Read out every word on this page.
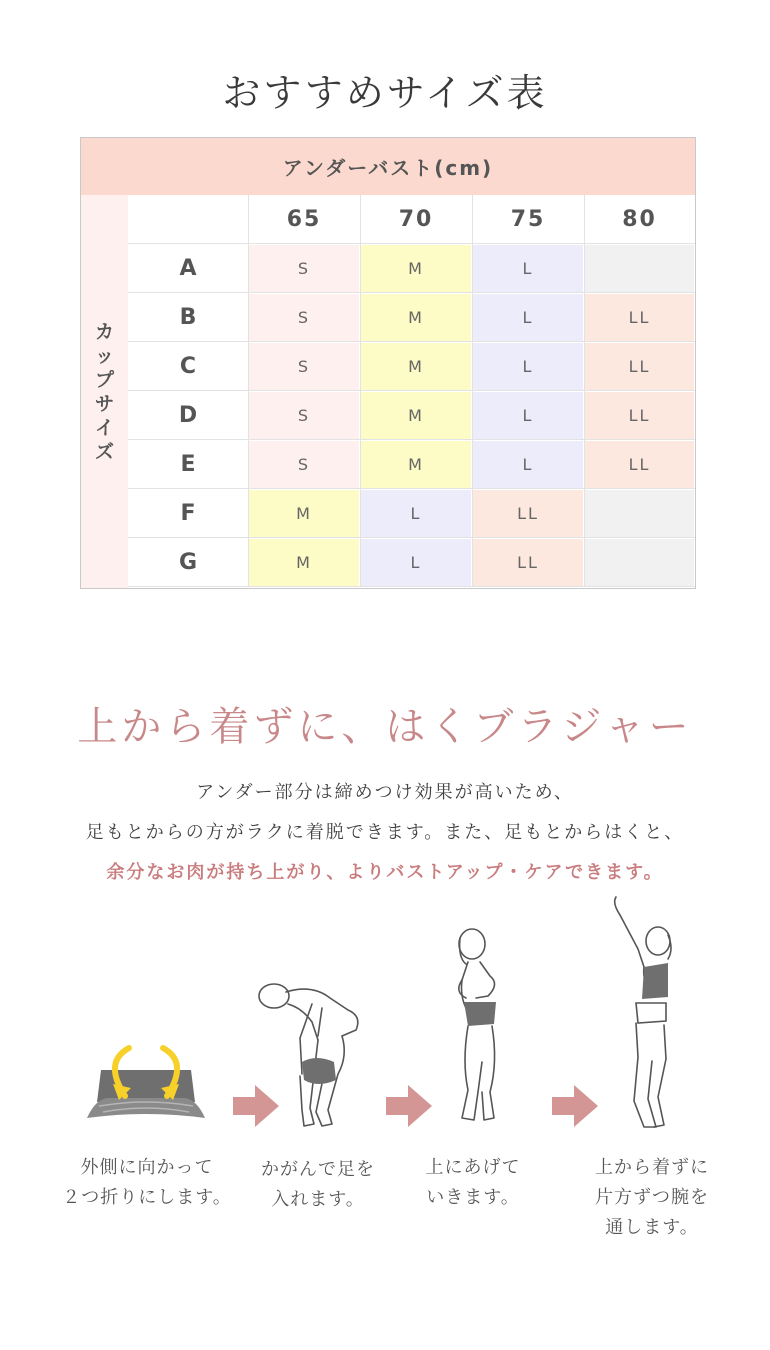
おすすめサイズ表
アンダーバスト(cm)
カ
ッ
プ
サ
イ
ズ
65	70	75	80
A	S	M	L
B	S	M	L	LL
C	S	M	L	LL
D	S	M	L	LL
E	S	M	L	LL
F	M	L	LL
G	M	L	LL
上から着ずに、はくブラジャー
アンダー部分は締めつけ効果が高いため、
足もとからの方がラクに着脱できます。また、足もとからはくと、
余分なお肉が持ち上がり、よりバストアップ・ケアできます。
外側に向かって
２つ折りにします。
かがんで足を
入れます。
上にあげて
いきます。
上から着ずに
片方ずつ腕を
通します。
